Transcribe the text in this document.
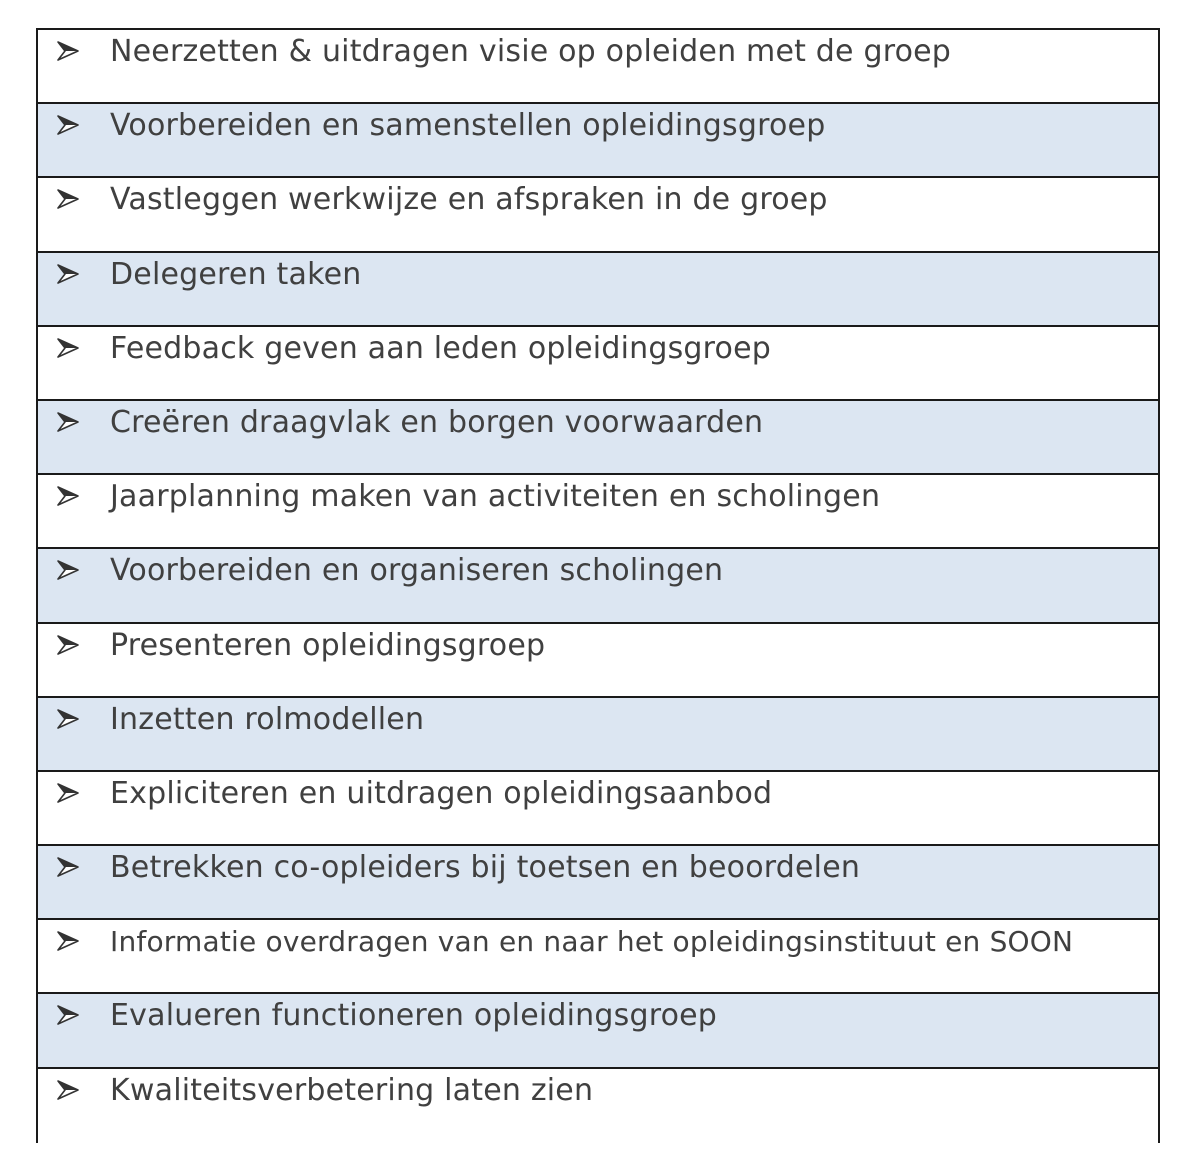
Neerzetten & uitdragen visie op opleiden met de groep
Voorbereiden en samenstellen opleidingsgroep
Vastleggen werkwijze en afspraken in de groep
Delegeren taken
Feedback geven aan leden opleidingsgroep
Creëren draagvlak en borgen voorwaarden
Jaarplanning maken van activiteiten en scholingen
Voorbereiden en organiseren scholingen
Presenteren opleidingsgroep
Inzetten rolmodellen
Expliciteren en uitdragen opleidingsaanbod
Betrekken co-opleiders bij toetsen en beoordelen
Informatie overdragen van en naar het opleidingsinstituut en SOON
Evalueren functioneren opleidingsgroep
Kwaliteitsverbetering laten zien
